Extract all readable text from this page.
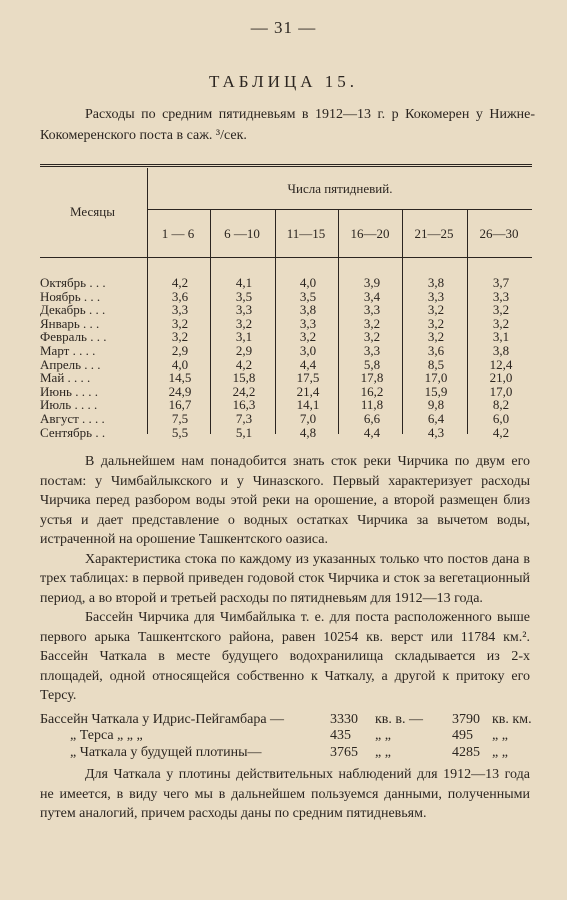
— 31 —
ТАБЛИЦА 15.
Расходы по средним пятидневьям в 1912—13 г. р Кокомерен у Нижне-Кокомеренского поста в саж. ³/сек.
Месяцы
Числа пятидневий.
1 — 6	6 —10	11—15	16—20	21—25	26—30
Октябрь . . .	4,2	4,1	4,0	3,9	3,8	3,7
Ноябрь . . .	3,6	3,5	3,5	3,4	3,3	3,3
Декабрь . . .	3,3	3,3	3,8	3,3	3,2	3,2
Январь . . .	3,2	3,2	3,3	3,2	3,2	3,2
Февраль . . .	3,2	3,1	3,2	3,2	3,2	3,1
Март . . . .	2,9	2,9	3,0	3,3	3,6	3,8
Апрель . . .	4,0	4,2	4,4	5,8	8,5	12,4
Май . . . .	14,5	15,8	17,5	17,8	17,0	21,0
Июнь . . . .	24,9	24,2	21,4	16,2	15,9	17,0
Июль . . . .	16,7	16,3	14,1	11,8	9,8	8,2
Август . . . .	7,5	7,3	7,0	6,6	6,4	6,0
Сентябрь . .	5,5	5,1	4,8	4,4	4,3	4,2

В дальнейшем нам понадобится знать сток реки Чирчика по двум его постам: у Чимбайлыкского и у Чиназского. Первый характеризует расходы Чирчика перед разбором воды этой реки на орошение, а второй размещен близ устья и дает представление о водных остатках Чирчика за вычетом воды, истраченной на орошение Ташкентского оазиса.

Характеристика стока по каждому из указанных только что постов дана в трех таблицах: в первой приведен годовой сток Чирчика и сток за вегетационный период, а во второй и третьей расходы по пятидневьям для 1912—13 года.

Бассейн Чирчика для Чимбайлыка т. е. для поста расположенного выше первого арыка Ташкентского района, равен 10254 кв. верст или 11784 км.². Бассейн Чаткала в месте будущего водохранилища складывается из 2-х площадей, одной относящейся собственно к Чаткалу, а другой к притоку его Терсу.

Бассейн Чаткала у Идрис-Пейгамбара —	3330 кв. в. — 3790 кв. км.
„ Терса „ „ „	435 „ „	495 „ „
„ Чаткала у будущей плотины—	3765 „ „	4285 „ „

Для Чаткала у плотины действительных наблюдений для 1912—13 года не имеется, в виду чего мы в дальнейшем пользуемся данными, полученными путем аналогий, причем расходы даны по средним пятидневьям.
